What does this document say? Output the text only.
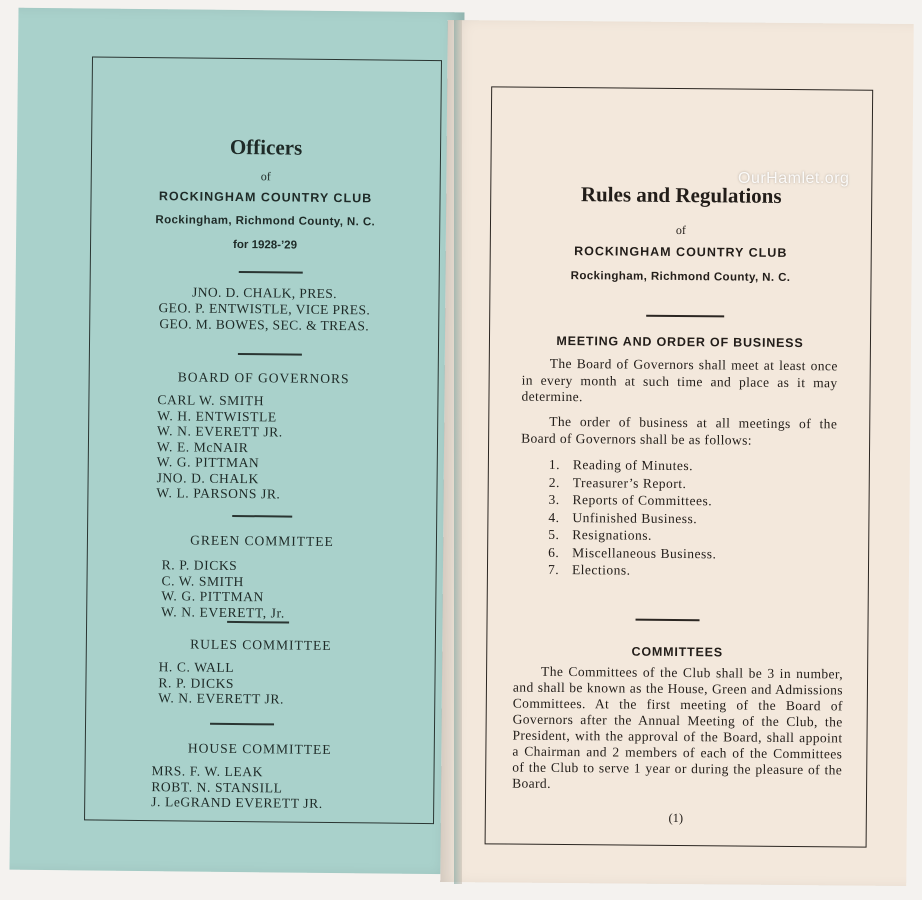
Officers
of
ROCKINGHAM COUNTRY CLUB
Rockingham, Richmond County, N. C.
for 1928-’29
JNO. D. CHALK, PRES.
GEO. P. ENTWISTLE, VICE PRES.
GEO. M. BOWES, SEC. & TREAS.
BOARD OF GOVERNORS
CARL W. SMITH
W. H. ENTWISTLE
W. N. EVERETT JR.
W. E. McNAIR
W. G. PITTMAN
JNO. D. CHALK
W. L. PARSONS JR.
GREEN COMMITTEE
R. P. DICKS
C. W. SMITH
W. G. PITTMAN
W. N. EVERETT, Jr.
RULES COMMITTEE
H. C. WALL
R. P. DICKS
W. N. EVERETT JR.
HOUSE COMMITTEE
MRS. F. W. LEAK
ROBT. N. STANSILL
J. LeGRAND EVERETT JR.
Rules and Regulations
of
ROCKINGHAM COUNTRY CLUB
Rockingham, Richmond County, N. C.
MEETING AND ORDER OF BUSINESS
The Board of Governors shall meet at least once in every month at such time and place as it may determine.
The order of business at all meetings of the Board of Governors shall be as follows:
1. Reading of Minutes.
2. Treasurer’s Report.
3. Reports of Committees.
4. Unfinished Business.
5. Resignations.
6. Miscellaneous Business.
7. Elections.
COMMITTEES
The Committees of the Club shall be 3 in number, and shall be known as the House, Green and Admissions Committees. At the first meeting of the Board of Governors after the Annual Meeting of the Club, the President, with the approval of the Board, shall appoint a Chairman and 2 members of each of the Committees of the Club to serve 1 year or during the pleasure of the Board.
(1)
OurHamlet.org
